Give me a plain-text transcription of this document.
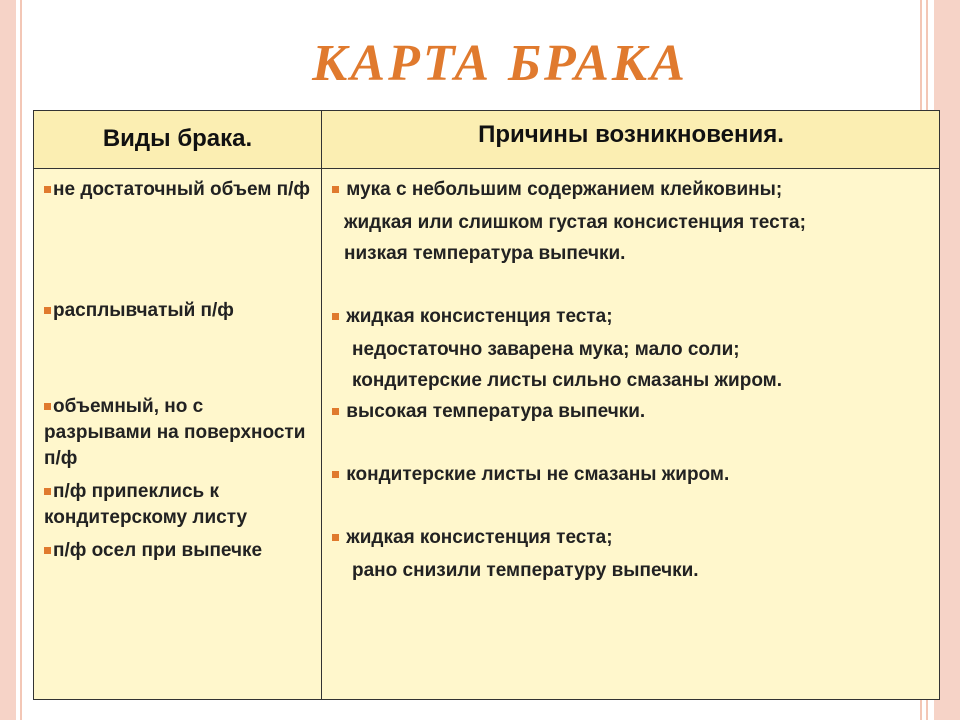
КАРТА БРАКА
Виды брака.	Причины возникновения.
не достаточный объем п/ф
расплывчатый п/ф
объемный, но с разрывами на поверхности п/ф
п/ф припеклись к кондитерскому листу
п/ф осел при выпечке
мука с небольшим содержанием клейковины;
жидкая или слишком густая консистенция теста;
низкая температура выпечки.
жидкая консистенция теста;
недостаточно заварена мука; мало соли;
кондитерские листы сильно смазаны жиром.
высокая температура выпечки.
кондитерские листы не смазаны жиром.
жидкая консистенция теста;
рано снизили температуру выпечки.
